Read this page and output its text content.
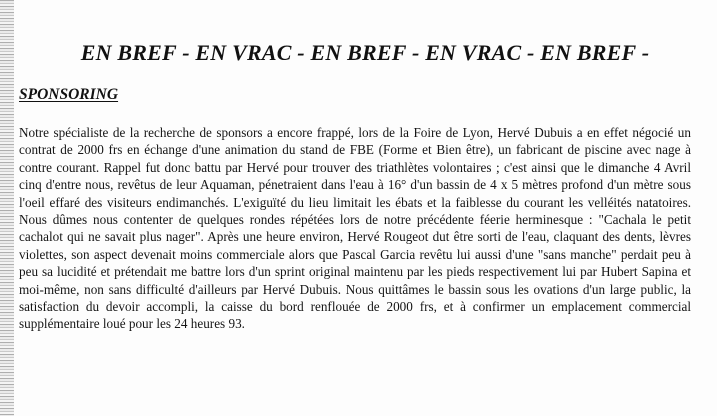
EN BREF - EN VRAC - EN BREF - EN VRAC - EN BREF -
SPONSORING

Notre spécialiste de la recherche de sponsors a encore frappé, lors de la Foire de Lyon, Hervé Dubuis a en effet négocié un contrat de 2000 frs en échange d'une animation du stand de FBE (Forme et Bien être), un fabricant de piscine avec nage à contre courant. Rappel fut donc battu par Hervé pour trouver des triathlètes volontaires ; c'est ainsi que le dimanche 4 Avril cinq d'entre nous, revêtus de leur Aquaman, pénetraient dans l'eau à 16° d'un bassin de 4 x 5 mètres profond d'un mètre sous l'oeil effaré des visiteurs endimanchés. L'exiguïté du lieu limitait les ébats et la faiblesse du courant les velléités natatoires. Nous dûmes nous contenter de quelques rondes répétées lors de notre précédente féerie herminesque : "Cachala le petit cachalot qui ne savait plus nager". Après une heure environ, Hervé Rougeot dut être sorti de l'eau, claquant des dents, lèvres violettes, son aspect devenait moins commerciale alors que Pascal Garcia revêtu lui aussi d'une "sans manche" perdait peu à peu sa lucidité et prétendait me battre lors d'un sprint original maintenu par les pieds respectivement lui par Hubert Sapina et moi-même, non sans difficulté d'ailleurs par Hervé Dubuis. Nous quittâmes le bassin sous les ovations d'un large public, la satisfaction du devoir accompli, la caisse du bord renflouée de 2000 frs, et à confirmer un emplacement commercial supplémentaire loué pour les 24 heures 93.
